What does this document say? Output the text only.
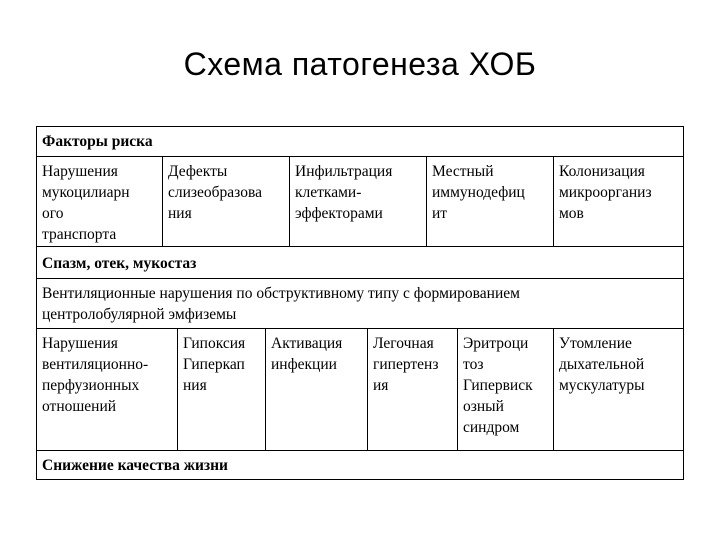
Схема патогенеза ХОБ
Факторы риска
Нарушения
мукоцилиарн
ого
транспорта
Дефекты
слизеобразова
ния
Инфильтрация
клетками-
эффекторами
Местный
иммунодефиц
ит
Колонизация
микроорганиз
мов
Спазм, отек, мукостаз
Вентиляционные нарушения по обструктивному типу с формированием
центролобулярной эмфиземы
Нарушения
вентиляционно-
перфузионных
отношений
Гипоксия
Гиперкап
ния
Активация
инфекции
Легочная
гипертенз
ия
Эритроци
тоз
Гипервиск
озный
синдром
Утомление
дыхательной
мускулатуры
Снижение качества жизни
